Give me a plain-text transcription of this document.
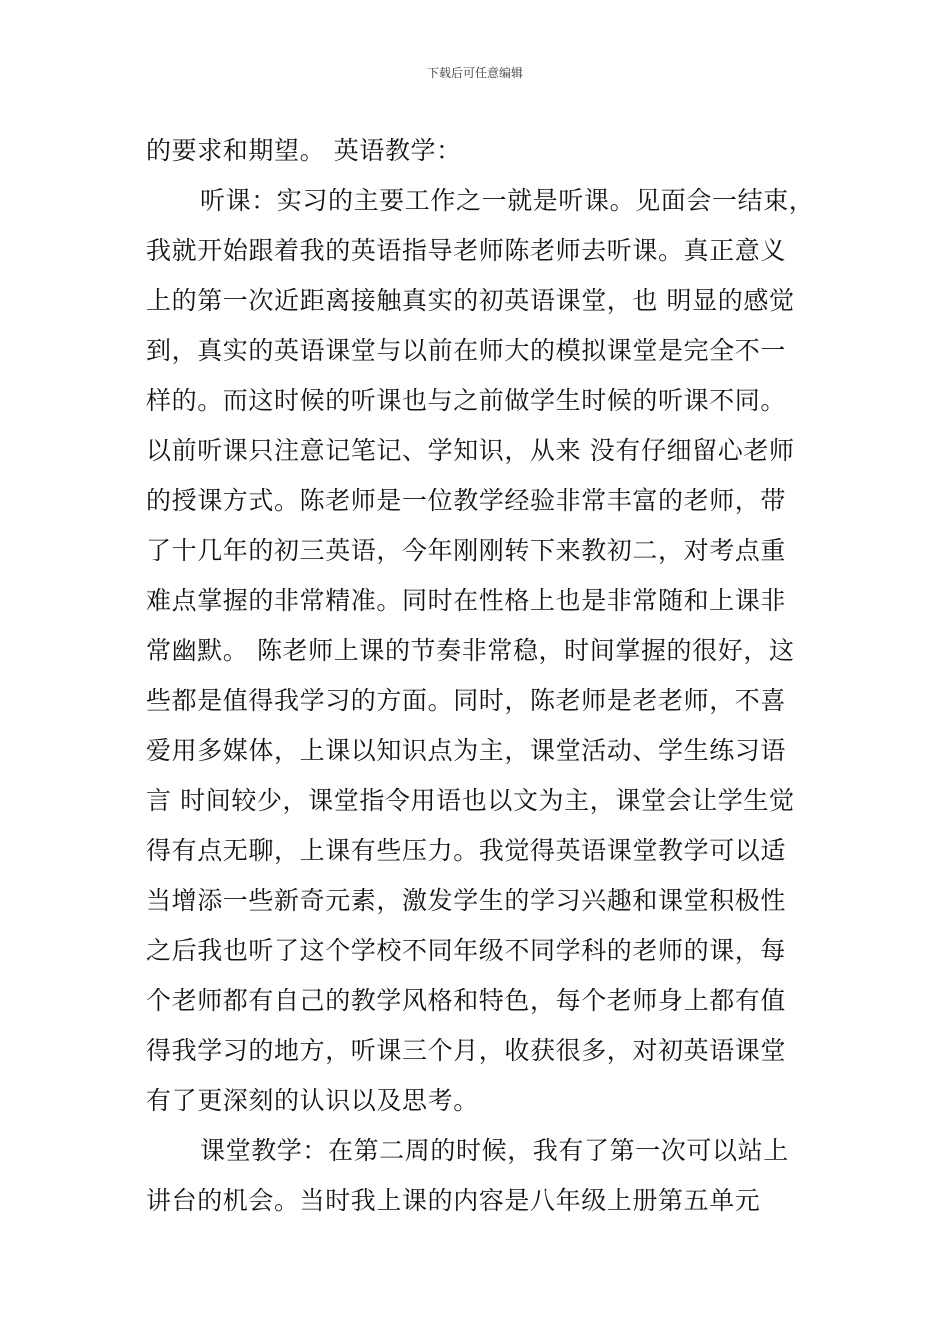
下载后可任意编辑
的要求和期望。 英语教学：
听课：实习的主要工作之一就是听课。见面会一结束，
我就开始跟着我的英语指导老师陈老师去听课。真正意义
上的第一次近距离接触真实的初英语课堂，也 明显的感觉
到，真实的英语课堂与以前在师大的模拟课堂是完全不一
样的。而这时候的听课也与之前做学生时候的听课不同。
以前听课只注意记笔记、学知识，从来 没有仔细留心老师
的授课方式。陈老师是一位教学经验非常丰富的老师，带
了十几年的初三英语，今年刚刚转下来教初二，对考点重
难点掌握的非常精准。同时在性格上也是非常随和上课非
常幽默。 陈老师上课的节奏非常稳，时间掌握的很好，这
些都是值得我学习的方面。同时，陈老师是老老师，不喜
爱用多媒体，上课以知识点为主，课堂活动、学生练习语
言 时间较少，课堂指令用语也以文为主，课堂会让学生觉
得有点无聊，上课有些压力。我觉得英语课堂教学可以适
当增添一些新奇元素，激发学生的学习兴趣和课堂积极性
之后我也听了这个学校不同年级不同学科的老师的课，每
个老师都有自己的教学风格和特色，每个老师身上都有值
得我学习的地方，听课三个月，收获很多，对初英语课堂
有了更深刻的认识以及思考。
课堂教学：在第二周的时候，我有了第一次可以站上
讲台的机会。当时我上课的内容是八年级上册第五单元
